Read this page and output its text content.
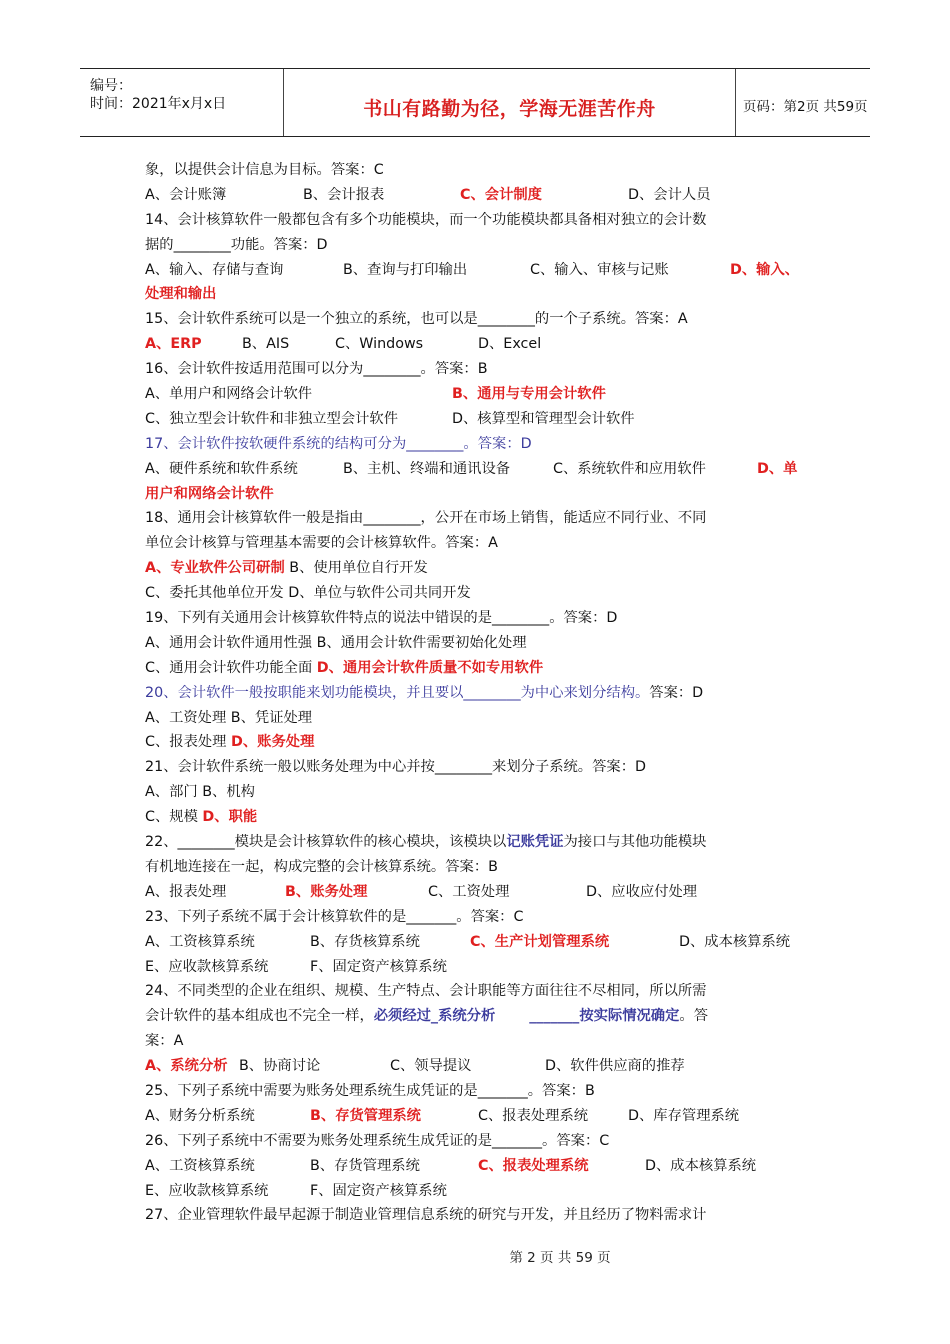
编号：
时间：2021年x月x日	书山有路勤为径，学海无涯苦作舟	页码：第2页 共59页
象，以提供会计信息为目标。答案：C
A、会计账簿	B、会计报表	C、会计制度	D、会计人员
14、会计核算软件一般都包含有多个功能模块，而一个功能模块都具备相对独立的会计数
据的________功能。答案：D
A、输入、存储与查询	B、查询与打印输出	C、输入、审核与记账	D、输入、
处理和输出
15、会计软件系统可以是一个独立的系统，也可以是________的一个子系统。答案：A
A、ERP	B、AIS	C、Windows	D、Excel
16、会计软件按适用范围可以分为________。答案：B
A、单用户和网络会计软件	B、通用与专用会计软件
C、独立型会计软件和非独立型会计软件	D、核算型和管理型会计软件
17、会计软件按软硬件系统的结构可分为________。答案：D
A、硬件系统和软件系统	B、主机、终端和通讯设备	C、系统软件和应用软件	D、单
用户和网络会计软件
18、通用会计核算软件一般是指由________，公开在市场上销售，能适应不同行业、不同
单位会计核算与管理基本需要的会计核算软件。答案：A
A、专业软件公司研制 B、使用单位自行开发
C、委托其他单位开发 D、单位与软件公司共同开发
19、下列有关通用会计核算软件特点的说法中错误的是________。答案：D
A、通用会计软件通用性强 B、通用会计软件需要初始化处理
C、通用会计软件功能全面 D、通用会计软件质量不如专用软件
20、会计软件一般按职能来划功能模块，并且要以________为中心来划分结构。答案：D
A、工资处理 B、凭证处理
C、报表处理 D、账务处理
21、会计软件系统一般以账务处理为中心并按________来划分子系统。答案：D
A、部门 B、机构
C、规模 D、职能
22、________模块是会计核算软件的核心模块，该模块以记账凭证为接口与其他功能模块
有机地连接在一起，构成完整的会计核算系统。答案：B
A、报表处理	B、账务处理	C、工资处理	D、应收应付处理
23、下列子系统不属于会计核算软件的是_______。答案：C
A、工资核算系统	B、存货核算系统	C、生产计划管理系统	D、成本核算系统
E、应收款核算系统	F、固定资产核算系统
24、不同类型的企业在组织、规模、生产特点、会计职能等方面往往不尽相同，所以所需
会计软件的基本组成也不完全一样，必须经过_系统分析 _______按实际情况确定。答
案：A
A、系统分析 B、协商讨论	C、领导提议	D、软件供应商的推荐
25、下列子系统中需要为账务处理系统生成凭证的是_______。答案：B
A、财务分析系统	B、存货管理系统	C、报表处理系统	D、库存管理系统
26、下列子系统中不需要为账务处理系统生成凭证的是_______。答案：C
A、工资核算系统	B、存货管理系统	C、报表处理系统	D、成本核算系统
E、应收款核算系统	F、固定资产核算系统
27、企业管理软件最早起源于制造业管理信息系统的研究与开发，并且经历了物料需求计
第 2 页 共 59 页
